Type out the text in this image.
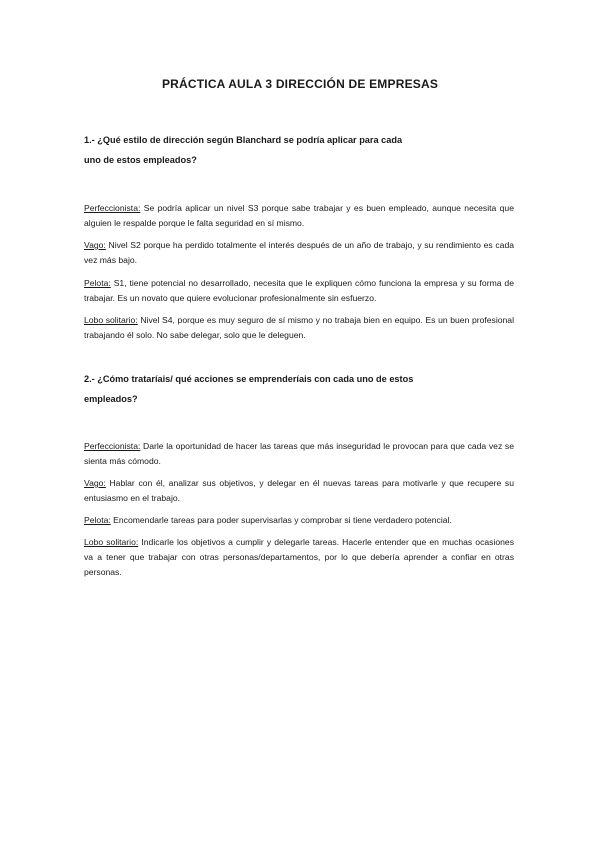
PRÁCTICA AULA 3 DIRECCIÓN DE EMPRESAS
1.- ¿Qué estilo de dirección según Blanchard se podría aplicar para cada
uno de estos empleados?

Perfeccionista: Se podría aplicar un nivel S3 porque sabe trabajar y es buen empleado, aunque necesita que alguien le respalde porque le falta seguridad en sí mismo.

Vago: Nivel S2 porque ha perdido totalmente el interés después de un año de trabajo, y su rendimiento es cada vez más bajo.

Pelota: S1, tiene potencial no desarrollado, necesita que le expliquen cómo funciona la empresa y su forma de trabajar. Es un novato que quiere evolucionar profesionalmente sin esfuerzo.

Lobo solitario: Nivel S4, porque es muy seguro de sí mismo y no trabaja bien en equipo. Es un buen profesional trabajando él solo. No sabe delegar, solo que le deleguen.

2.- ¿Cómo trataríais/ qué acciones se emprenderíais con cada uno de estos
empleados?

Perfeccionista: Darle la oportunidad de hacer las tareas que más inseguridad le provocan para que cada vez se sienta más cómodo.

Vago: Hablar con él, analizar sus objetivos, y delegar en él nuevas tareas para motivarle y que recupere su entusiasmo en el trabajo.

Pelota: Encomendarle tareas para poder supervisarlas y comprobar si tiene verdadero potencial.

Lobo solitario: Indicarle los objetivos a cumplir y delegarle tareas. Hacerle entender que en muchas ocasiones va a tener que trabajar con otras personas/departamentos, por lo que debería aprender a confiar en otras personas.
